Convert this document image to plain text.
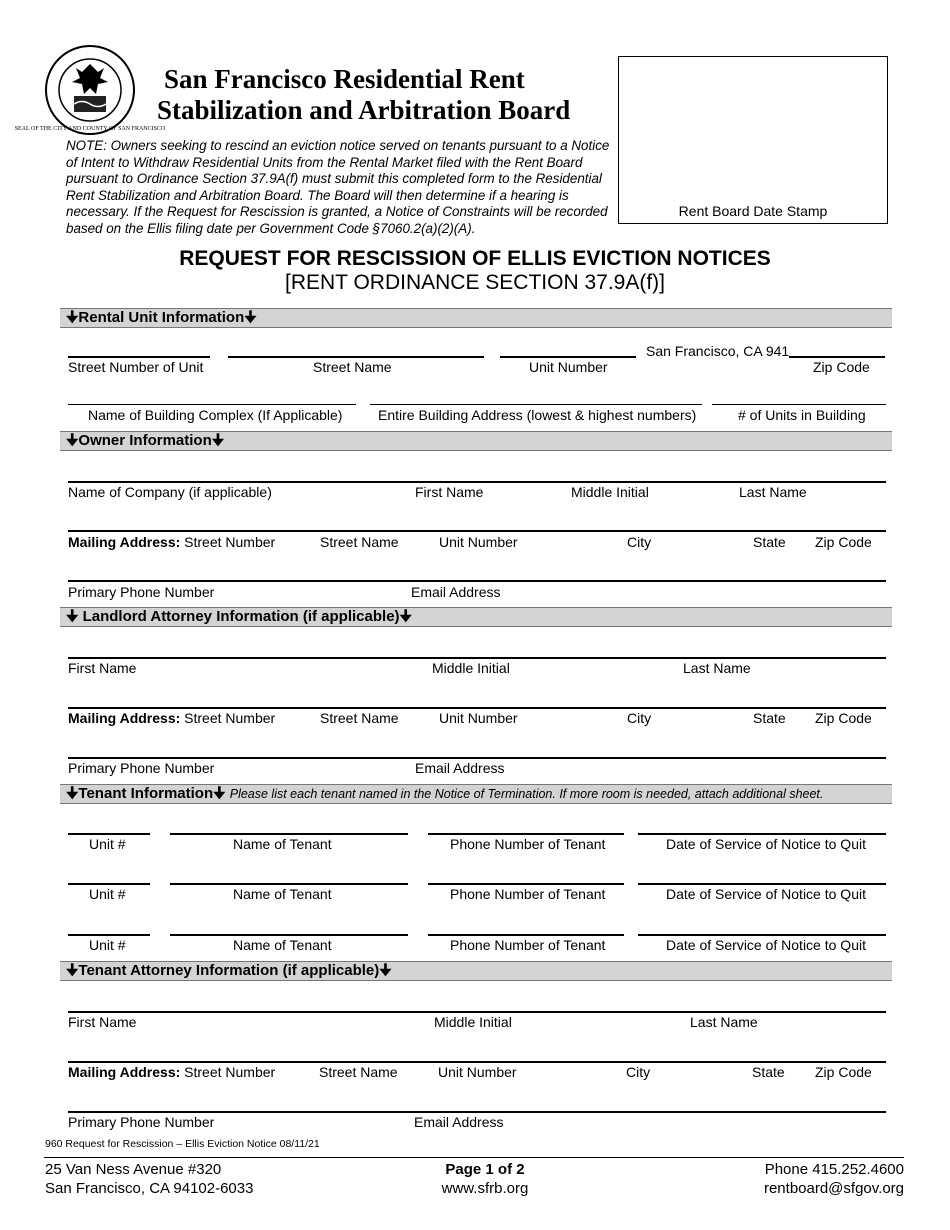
SEAL OF THE CITY AND COUNTY OF SAN FRANCISCO
San Francisco Residential Rent
Stabilization and Arbitration Board
NOTE: Owners seeking to rescind an eviction notice served on tenants pursuant to a Notice of Intent to Withdraw Residential Units from the Rental Market filed with the Rent Board pursuant to Ordinance Section 37.9A(f) must submit this completed form to the Residential Rent Stabilization and Arbitration Board. The Board will then determine if a hearing is necessary. If the Request for Rescission is granted, a Notice of Constraints will be recorded based on the Ellis filing date per Government Code §7060.2(a)(2)(A).
Rent Board Date Stamp
REQUEST FOR RESCISSION OF ELLIS EVICTION NOTICES
[RENT ORDINANCE SECTION 37.9A(f)]
🠋Rental Unit Information🠋
San Francisco, CA 941
Street Number of Unit	Street Name	Unit Number	Zip Code
Name of Building Complex (If Applicable)	Entire Building Address (lowest & highest numbers)	# of Units in Building
🠋Owner Information🠋
Name of Company (if applicable)	First Name	Middle Initial	Last Name
Mailing Address: Street Number	Street Name	Unit Number	City	State Zip Code
Primary Phone Number	Email Address
🠋 Landlord Attorney Information (if applicable)🠋
First Name	Middle Initial	Last Name
Mailing Address: Street Number	Street Name	Unit Number	City	State Zip Code
Primary Phone Number	Email Address
🠋Tenant Information🠋 Please list each tenant named in the Notice of Termination. If more room is needed, attach additional sheet.
Unit #	Name of Tenant	Phone Number of Tenant	Date of Service of Notice to Quit
Unit #	Name of Tenant	Phone Number of Tenant	Date of Service of Notice to Quit
Unit #	Name of Tenant	Phone Number of Tenant	Date of Service of Notice to Quit
🠋Tenant Attorney Information (if applicable)🠋
First Name	Middle Initial	Last Name
Mailing Address: Street Number	Street Name	Unit Number	City	State Zip Code
Primary Phone Number	Email Address
960 Request for Rescission – Ellis Eviction Notice 08/11/21
25 Van Ness Avenue #320
San Francisco, CA 94102-6033
Page 1 of 2
www.sfrb.org
Phone 415.252.4600
rentboard@sfgov.org
